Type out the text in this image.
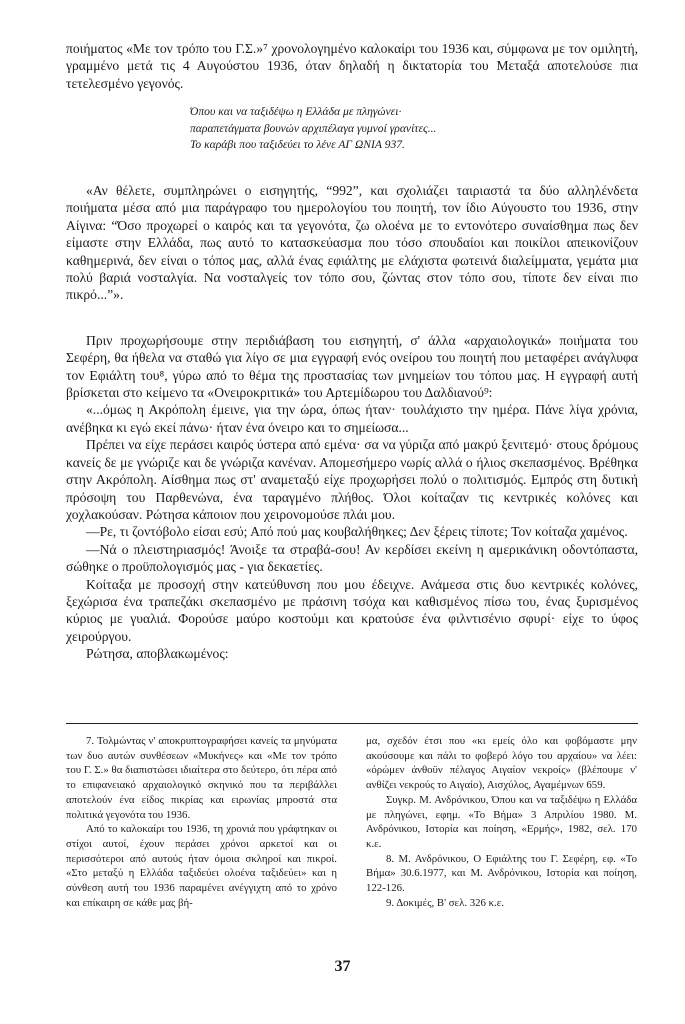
ποιήματος «Με τον τρόπο του Γ.Σ.»⁷ χρονολογημένο καλοκαίρι του 1936 και, σύμφωνα με τον ομιλητή, γραμμένο μετά τις 4 Αυγούστου 1936, όταν δηλαδή η δικτατορία του Μεταξά αποτελούσε πια τετελεσμένο γεγονός.

Όπου και να ταξιδέψω η Ελλάδα με πληγώνει·
παραπετάγματα βουνών αρχιπέλαγα γυμνοί γρανίτες...
Το καράβι που ταξιδεύει το λένε ΑΓ ΩΝΙΑ 937.

«Αν θέλετε, συμπληρώνει ο εισηγητής, “992”, και σχολιάζει ταιριαστά τα δύο αλληλένδετα ποιήματα μέσα από μια παράγραφο του ημερολογίου του ποιητή, τον ίδιο Αύγουστο του 1936, στην Αίγινα: “Όσο προχωρεί ο καιρός και τα γεγονότα, ζω ολοένα με το εντονότερο συναίσθημα πως δεν είμαστε στην Ελλάδα, πως αυτό το κατασκεύασμα που τόσο σπουδαίοι και ποικίλοι απεικονίζουν καθημερινά, δεν είναι ο τόπος μας, αλλά ένας εφιάλτης με ελάχιστα φωτεινά διαλείμματα, γεμάτα μια πολύ βαριά νοσταλγία. Να νοσταλγείς τον τόπο σου, ζώντας στον τόπο σου, τίποτε δεν είναι πιο πικρό...”».

Πριν προχωρήσουμε στην περιδιάβαση του εισηγητή, σ' άλλα «αρχαιολογικά» ποιήματα του Σεφέρη, θα ήθελα να σταθώ για λίγο σε μια εγγραφή ενός ονείρου του ποιητή που μεταφέρει ανάγλυφα τον Εφιάλτη του⁸, γύρω από το θέμα της προστασίας των μνημείων του τόπου μας. Η εγγραφή αυτή βρίσκεται στο κείμενο τα «Ονειροκριτικά» του Αρτεμίδωρου του Δαλδιανού⁹:

«...όμως η Ακρόπολη έμεινε, για την ώρα, όπως ήταν· τουλάχιστο την ημέρα. Πάνε λίγα χρόνια, ανέβηκα κι εγώ εκεί πάνω· ήταν ένα όνειρο και το σημείωσα...

Πρέπει να είχε περάσει καιρός ύστερα από εμένα· σα να γύριζα από μακρύ ξενιτεμό· στους δρόμους κανείς δε με γνώριζε και δε γνώριζα κανέναν. Απομεσήμερο νωρίς αλλά ο ήλιος σκεπασμένος. Βρέθηκα στην Ακρόπολη. Αίσθημα πως στ' αναμεταξύ είχε προχωρήσει πολύ ο πολιτισμός. Εμπρός στη δυτική πρόσοψη του Παρθενώνα, ένα ταραγμένο πλήθος. Όλοι κοίταζαν τις κεντρικές κολόνες και χοχλακούσαν. Ρώτησα κάποιον που χειρονομούσε πλάι μου.

—Ρε, τι ζοντόβολο είσαι εσύ; Από πού μας κουβαλήθηκες; Δεν ξέρεις τίποτε; Τον κοίταζα χαμένος.

—Νά ο πλειστηριασμός! Άνοιξε τα στραβά-σου! Αν κερδίσει εκείνη η αμερικάνικη οδοντόπαστα, σώθηκε ο προϋπολογισμός μας - για δεκαετίες.

Κοίταξα με προσοχή στην κατεύθυνση που μου έδειχνε. Ανάμεσα στις δυο κεντρικές κολόνες, ξεχώρισα ένα τραπεζάκι σκεπασμένο με πράσινη τσόχα και καθισμένος πίσω του, ένας ξυρισμένος κύριος με γυαλιά. Φορούσε μαύρο κοστούμι και κρατούσε ένα φιλντισένιο σφυρί· είχε το ύφος χειρούργου.

Ρώτησα, αποβλακωμένος:

7. Τολμώντας ν' αποκρυπτογραφήσει κανείς τα μηνύματα των δυο αυτών συνθέσεων «Μυκήνες» και «Με τον τρόπο του Γ. Σ.» θα διαπιστώσει ιδιαίτερα στο δεύτερο, ότι πέρα από το επιφανειακό αρχαιολογικό σκηνικό που τα περιβάλλει αποτελούν ένα είδος πικρίας και ειρωνίας μπροστά στα πολιτικά γεγονότα του 1936.

Από το καλοκαίρι του 1936, τη χρονιά που γράφτηκαν οι στίχοι αυτοί, έχουν περάσει χρόνοι αρκετοί και οι περισσότεροι από αυτούς ήταν όμοια σκληροί και πικροί. «Στο μεταξύ η Ελλάδα ταξιδεύει ολοένα ταξιδεύει» και η σύνθεση αυτή του 1936 παραμένει ανέγγιχτη από το χρόνο και επίκαιρη σε κάθε μας βή-

μα, σχεδόν έτσι που «κι εμείς όλο και φοβόμαστε μην ακούσουμε και πάλι το φοβερό λόγο του αρχαίου» να λέει: «όρώμεν άνθοϋν πέλαγος Αιγαίον νεκροίς» (βλέπουμε ν' ανθίζει νεκρούς το Αιγαίο), Αισχύλος, Αγαμέμνων 659.

Συγκρ. Μ. Ανδρόνικου, Όπου και να ταξιδέψω η Ελλάδα με πληγώνει, εφημ. «Το Βήμα» 3 Απριλίου 1980. Μ. Ανδρόνικου, Ιστορία και ποίηση, «Ερμής», 1982, σελ. 170 κ.ε.

8. Μ. Ανδρόνικου, Ο Εφιάλτης του Γ. Σεφέρη, εφ. «Το Βήμα» 30.6.1977, και Μ. Ανδρόνικου, Ιστορία και ποίηση, 122-126.

9. Δοκιμές, Β' σελ. 326 κ.ε.

37
